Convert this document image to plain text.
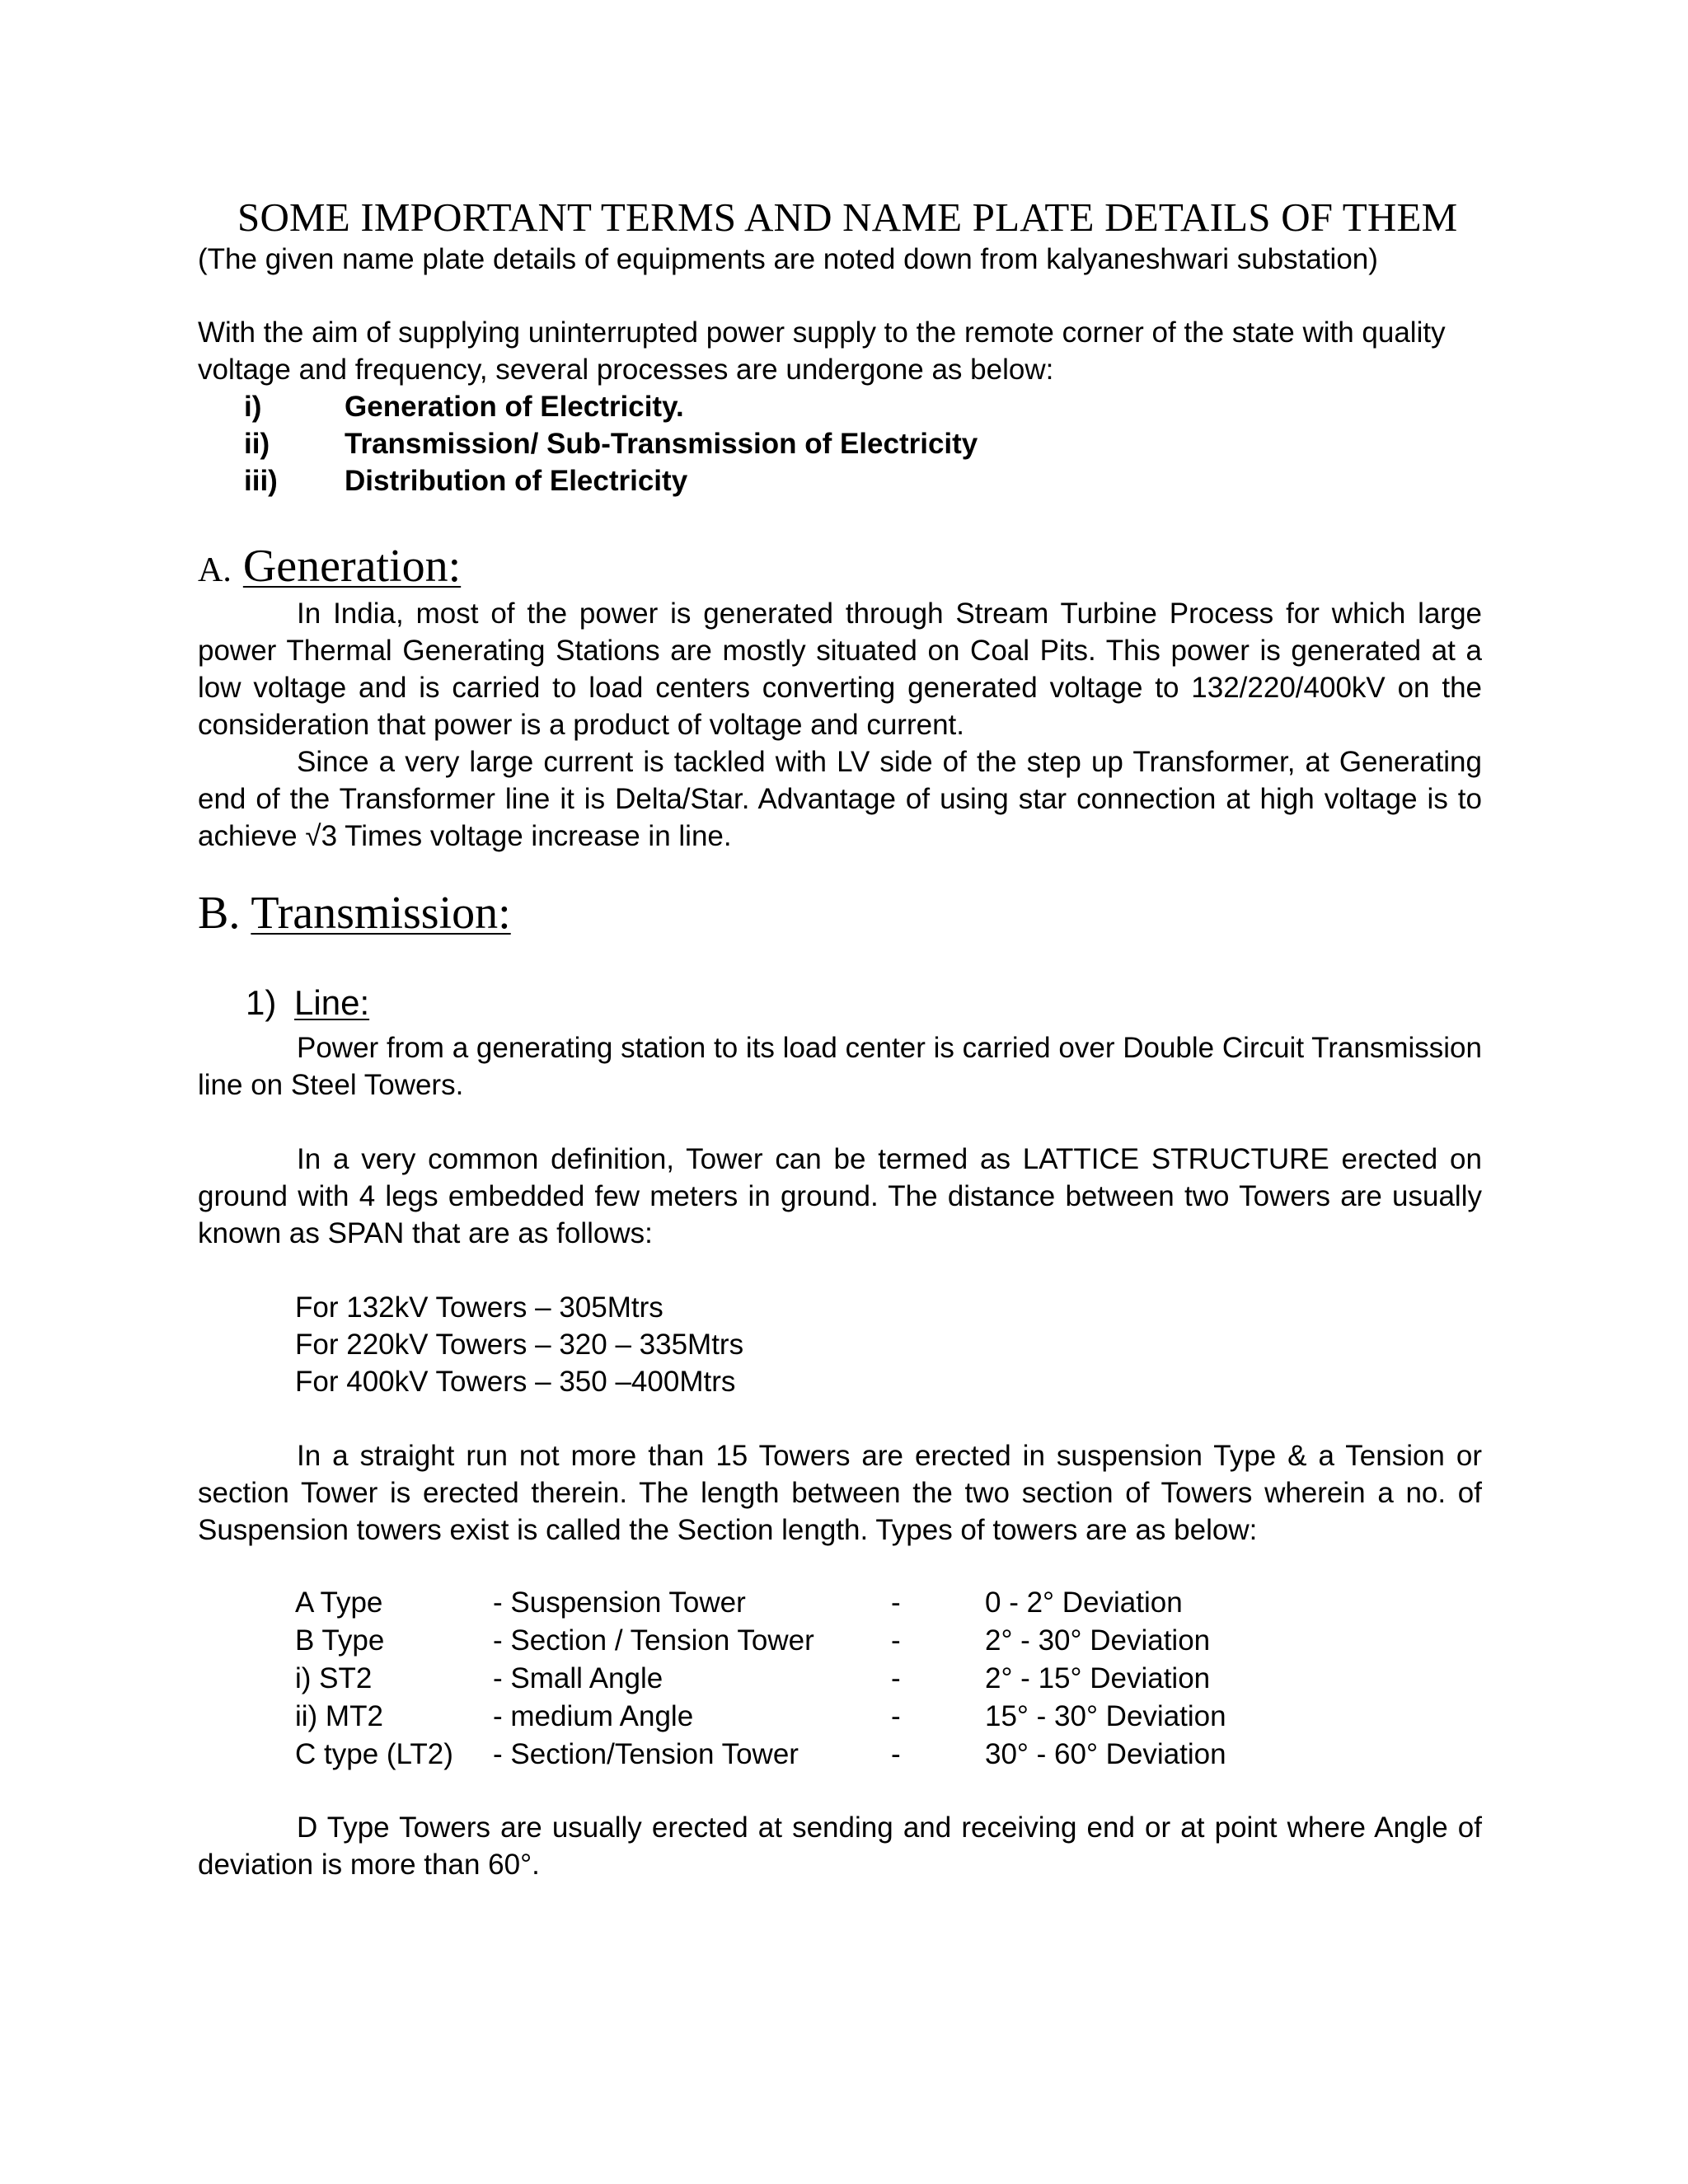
SOME IMPORTANT TERMS AND NAME PLATE DETAILS OF THEM
(The given name plate details of equipments are noted down from kalyaneshwari substation)
With the aim of supplying uninterrupted power supply to the remote corner of the state with quality
voltage and frequency, several processes are undergone as below:
i)	Generation of Electricity.
ii)	Transmission/ Sub-Transmission of Electricity
iii) Distribution of Electricity
A. Generation:
In India, most of the power is generated through Stream Turbine Process for which large power Thermal Generating Stations are mostly situated on Coal Pits. This power is generated at a low voltage and is carried to load centers converting generated voltage to 132/220/400kV on the consideration that power is a product of voltage and current.
Since a very large current is tackled with LV side of the step up Transformer, at Generating end of the Transformer line it is Delta/Star. Advantage of using star connection at high voltage is to achieve √3 Times voltage increase in line.
B. Transmission:
1) Line:
Power from a generating station to its load center is carried over Double Circuit Transmission line on Steel Towers.
In a very common definition, Tower can be termed as LATTICE STRUCTURE erected on ground with 4 legs embedded few meters in ground. The distance between two Towers are usually known as SPAN that are as follows:
For 132kV Towers – 305Mtrs
For 220kV Towers – 320 – 335Mtrs
For 400kV Towers – 350 –400Mtrs
In a straight run not more than 15 Towers are erected in suspension Type & a Tension or section Tower is erected therein. The length between the two section of Towers wherein a no. of Suspension towers exist is called the Section length. Types of towers are as below:
A Type	- Suspension Tower	-	0 - 2° Deviation
B Type	- Section / Tension Tower	-	2° - 30° Deviation
i) ST2	- Small Angle	-	2° - 15° Deviation
ii) MT2	- medium Angle	-	15° - 30° Deviation
C type (LT2)	- Section/Tension Tower	-	30° - 60° Deviation
D Type Towers are usually erected at sending and receiving end or at point where Angle of deviation is more than 60°.
